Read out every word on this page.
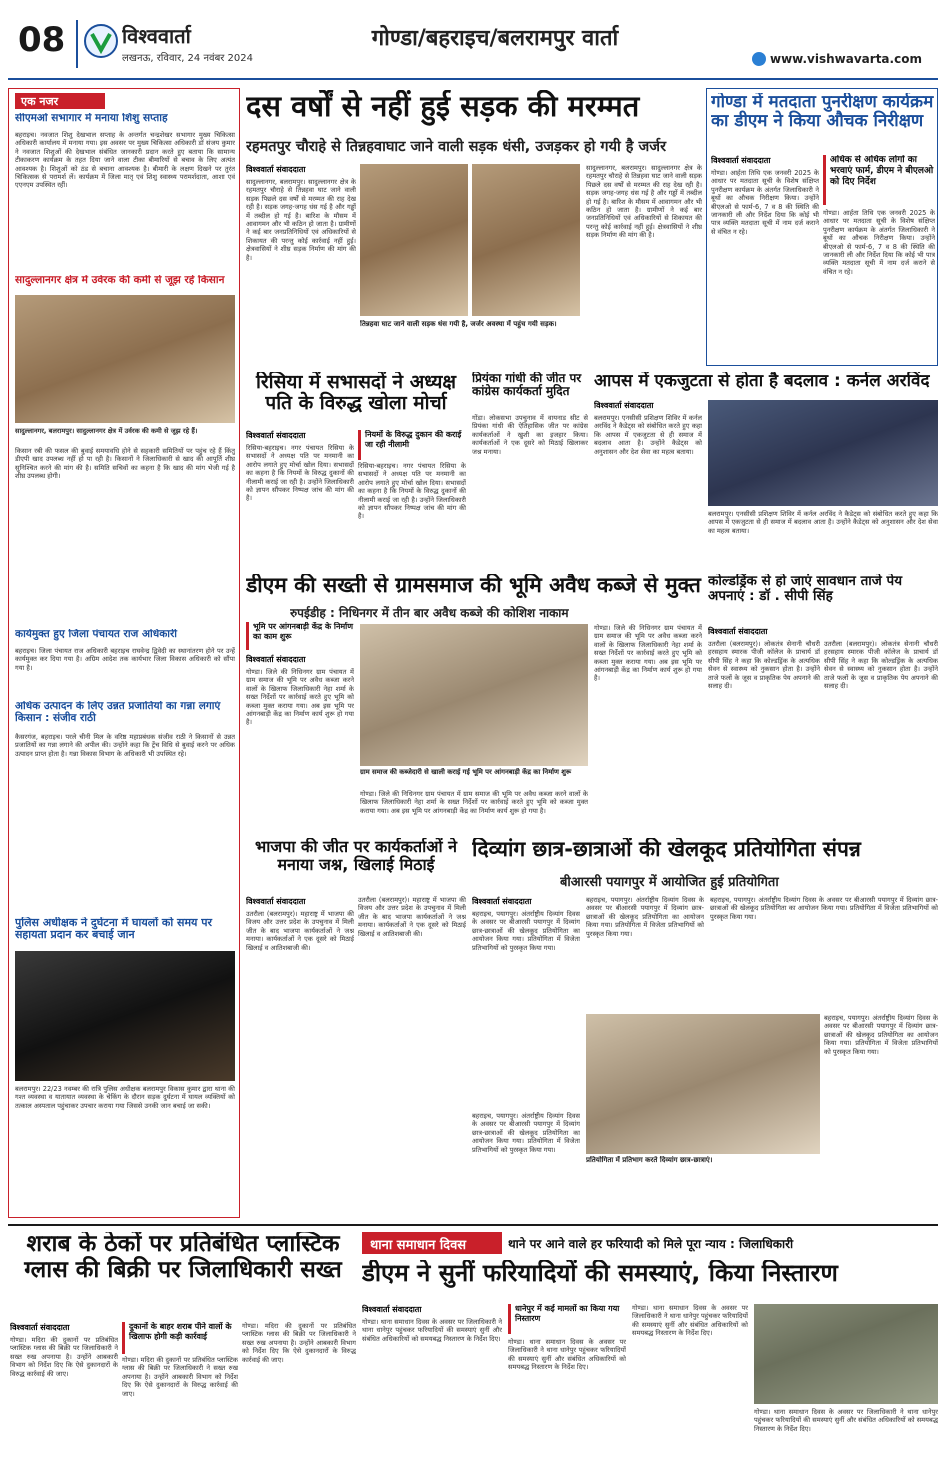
08	विश्ववार्ता
लखनऊ, रविवार, 24 नवंबर 2024
गोण्डा/बहराइच/बलरामपुर वार्ता
www.vishwavarta.com
एक नजर
सीएमओ सभागार में मनाया शिशु सप्ताह
बहराइच। नवजात शिशु देखभाल सप्ताह के अन्तर्गत चन्द्रशेखर सभागार मुख्य चिकित्सा अधिकारी कार्यालय में मनाया गया। इस अवसर पर मुख्य चिकित्सा अधिकारी डॉ संजय कुमार ने नवजात शिशुओं की देखभाल संबंधित जानकारी प्रदान करते हुए बताया कि सामान्य टीकाकरण कार्यक्रम के तहत दिया जाने वाला टीका बीमारियों से बचाव के लिए अत्यंत आवश्यक है। शिशुओं को ठंड से बचाना आवश्यक है। बीमारी के लक्षण दिखने पर तुरंत चिकित्सक से परामर्श लें। कार्यक्रम में जिला मातृ एवं शिशु स्वास्थ्य परामर्शदाता, आशा एवं एएनएम उपस्थित रहीं।
सादुल्लानगर क्षेत्र में उर्वरक की कमी से जूझ रहे किसान
सादुल्लानगर, बलरामपुर। सादुल्लानगर क्षेत्र में उर्वरक की कमी से जूझ रहे हैं।
किसान रबी की फसल की बुवाई समयावधि होने से सहकारी समितियों पर पहुंच रहे हैं किंतु डीएपी खाद उपलब्ध नहीं हो पा रही है। किसानों ने जिलाधिकारी से खाद की आपूर्ति शीघ्र सुनिश्चित करने की मांग की है। समिति सचिवों का कहना है कि खाद की मांग भेजी गई है शीघ्र उपलब्ध होगी।
कार्यमुक्त हुए जिला पंचायत राज अधिकारी
बहराइच। जिला पंचायत राज अधिकारी बहराइच राघवेन्द्र द्विवेदी का स्थानांतरण होने पर उन्हें कार्यमुक्त कर दिया गया है। अग्रिम आदेश तक कार्यभार जिला विकास अधिकारी को सौंपा गया है।
अधिक उत्पादन के लिए उन्नत प्रजातियों का गन्ना लगाएं किसान : संजीव राठी
कैसरगंज, बहराइच। परले चीनी मिल के वरिष्ठ महाप्रबंधक संजीव राठी ने किसानों से उन्नत प्रजातियों का गन्ना लगाने की अपील की। उन्होंने कहा कि ट्रेंच विधि से बुवाई करने पर अधिक उत्पादन प्राप्त होता है। गन्ना विकास विभाग के अधिकारी भी उपस्थित रहे।
पुलिस अधीक्षक ने दुर्घटना में घायलों को समय पर सहायता प्रदान कर बचाई जान
बलरामपुर। 22/23 नवम्बर की रात्रि पुलिस अधीक्षक बलरामपुर विकास कुमार द्वारा थाना की गश्त व्यवस्था व यातायात व्यवस्था के चेकिंग के दौरान सड़क दुर्घटना में घायल व्यक्तियों को तत्काल अस्पताल पहुंचाकर उपचार कराया गया जिससे उनकी जान बचाई जा सकी।
दस वर्षों से नहीं हुई सड़क की मरम्मत
रहमतपुर चौराहे से तिन्नहवाघाट जाने वाली सड़क धंसी, उजड़कर हो गयी है जर्जर
विश्ववार्ता संवाददाता
सादुल्लानगर, बलरामपुर। सादुल्लानगर क्षेत्र के रहमतपुर चौराहे से तिन्नहवा घाट जाने वाली सड़क पिछले दस वर्षों से मरम्मत की राह देख रही है। सड़क जगह-जगह धंस गई है और गड्ढों में तब्दील हो गई है। बारिश के मौसम में आवागमन और भी कठिन हो जाता है। ग्रामीणों ने कई बार जनप्रतिनिधियों एवं अधिकारियों से शिकायत की परन्तु कोई कार्रवाई नहीं हुई। क्षेत्रवासियों ने शीघ्र सड़क निर्माण की मांग की है।
सादुल्लानगर, बलरामपुर। सादुल्लानगर क्षेत्र के रहमतपुर चौराहे से तिन्नहवा घाट जाने वाली सड़क पिछले दस वर्षों से मरम्मत की राह देख रही है। सड़क जगह-जगह धंस गई है और गड्ढों में तब्दील हो गई है। बारिश के मौसम में आवागमन और भी कठिन हो जाता है। ग्रामीणों ने कई बार जनप्रतिनिधियों एवं अधिकारियों से शिकायत की परन्तु कोई कार्रवाई नहीं हुई। क्षेत्रवासियों ने शीघ्र सड़क निर्माण की मांग की है।
तिन्नहवा घाट जाने वाली सड़क धंस गयी है, जर्जर अवस्था में पहुंच गयी सड़क।
गोण्डा में मतदाता पुनरीक्षण कार्यक्रम का डीएम ने किया औचक निरीक्षण
विश्ववार्ता संवाददाता
गोण्डा। आर्हता तिथि एक जनवरी 2025 के आधार पर मतदाता सूची के विशेष संक्षिप्त पुनरीक्षण कार्यक्रम के अंतर्गत जिलाधिकारी ने बूथों का औचक निरीक्षण किया। उन्होंने बीएलओ से फार्म-6, 7 व 8 की स्थिति की जानकारी ली और निर्देश दिया कि कोई भी पात्र व्यक्ति मतदाता सूची में नाम दर्ज कराने से वंचित न रहे।
अधिक से अधिक लोगों का भरवाएं फार्म, डीएम ने बीएलओ को दिए निर्देश
गोण्डा। आर्हता तिथि एक जनवरी 2025 के आधार पर मतदाता सूची के विशेष संक्षिप्त पुनरीक्षण कार्यक्रम के अंतर्गत जिलाधिकारी ने बूथों का औचक निरीक्षण किया। उन्होंने बीएलओ से फार्म-6, 7 व 8 की स्थिति की जानकारी ली और निर्देश दिया कि कोई भी पात्र व्यक्ति मतदाता सूची में नाम दर्ज कराने से वंचित न रहे।
रिसिया में सभासदों ने अध्यक्ष पति के विरुद्ध खोला मोर्चा
विश्ववार्ता संवाददाता
रिसिया-बहराइच। नगर पंचायत रिसिया के सभासदों ने अध्यक्ष पति पर मनमानी का आरोप लगाते हुए मोर्चा खोल दिया। सभासदों का कहना है कि नियमों के विरुद्ध दुकानों की नीलामी कराई जा रही है। उन्होंने जिलाधिकारी को ज्ञापन सौंपकर निष्पक्ष जांच की मांग की है।
नियमों के विरुद्ध दुकान की कराई जा रही नीलामी
रिसिया-बहराइच। नगर पंचायत रिसिया के सभासदों ने अध्यक्ष पति पर मनमानी का आरोप लगाते हुए मोर्चा खोल दिया। सभासदों का कहना है कि नियमों के विरुद्ध दुकानों की नीलामी कराई जा रही है। उन्होंने जिलाधिकारी को ज्ञापन सौंपकर निष्पक्ष जांच की मांग की है।
प्रियंका गांधी की जीत पर कांग्रेस कार्यकर्ता मुदित
गोंडा। लोकसभा उपचुनाव में वायनाड सीट से प्रियंका गांधी की ऐतिहासिक जीत पर कांग्रेस कार्यकर्ताओं ने खुशी का इजहार किया। कार्यकर्ताओं ने एक दूसरे को मिठाई खिलाकर जश्न मनाया।
आपस में एकजुटता से होता है बदलाव : कर्नल अरविंद
विश्ववार्ता संवाददाता
बलरामपुर। एनसीसी प्रशिक्षण शिविर में कर्नल अरविंद ने कैडेट्स को संबोधित करते हुए कहा कि आपस में एकजुटता से ही समाज में बदलाव आता है। उन्होंने कैडेट्स को अनुशासन और देश सेवा का महत्व बताया।
बलरामपुर। एनसीसी प्रशिक्षण शिविर में कर्नल अरविंद ने कैडेट्स को संबोधित करते हुए कहा कि आपस में एकजुटता से ही समाज में बदलाव आता है। उन्होंने कैडेट्स को अनुशासन और देश सेवा का महत्व बताया।
डीएम की सख्ती से ग्रामसमाज की भूमि अवैध कब्जे से मुक्त
रुपईडीह : निधिनगर में तीन बार अवैध कब्जे की कोशिश नाकाम
भूमि पर आंगनबाड़ी केंद्र के निर्माण का काम शुरू
विश्ववार्ता संवाददाता
गोण्डा। जिले की निधिनगर ग्राम पंचायत में ग्राम समाज की भूमि पर अवैध कब्जा करने वालों के खिलाफ जिलाधिकारी नेहा शर्मा के सख्त निर्देशों पर कार्रवाई करते हुए भूमि को कब्जा मुक्त कराया गया। अब इस भूमि पर आंगनबाड़ी केंद्र का निर्माण कार्य शुरू हो गया है।
ग्राम समाज की कब्जेदारी से खाली कराई गई भूमि पर आंगनबाड़ी केंद्र का निर्माण शुरू
गोण्डा। जिले की निधिनगर ग्राम पंचायत में ग्राम समाज की भूमि पर अवैध कब्जा करने वालों के खिलाफ जिलाधिकारी नेहा शर्मा के सख्त निर्देशों पर कार्रवाई करते हुए भूमि को कब्जा मुक्त कराया गया। अब इस भूमि पर आंगनबाड़ी केंद्र का निर्माण कार्य शुरू हो गया है।
गोण्डा। जिले की निधिनगर ग्राम पंचायत में ग्राम समाज की भूमि पर अवैध कब्जा करने वालों के खिलाफ जिलाधिकारी नेहा शर्मा के सख्त निर्देशों पर कार्रवाई करते हुए भूमि को कब्जा मुक्त कराया गया। अब इस भूमि पर आंगनबाड़ी केंद्र का निर्माण कार्य शुरू हो गया है।
कोल्डड्रिंक से हो जाएं सावधान ताजे पेय अपनाएं : डॉ . सीपी सिंह
विश्ववार्ता संवाददाता
उतरौला (बलरामपुर)। लोकतंत्र सेनानी चौधरी हरसहाय स्मारक पीजी कॉलेज के प्राचार्य डॉ सीपी सिंह ने कहा कि कोल्डड्रिंक के अत्यधिक सेवन से स्वास्थ्य को नुकसान होता है। उन्होंने ताजे फलों के जूस व प्राकृतिक पेय अपनाने की सलाह दी।
उतरौला (बलरामपुर)। लोकतंत्र सेनानी चौधरी हरसहाय स्मारक पीजी कॉलेज के प्राचार्य डॉ सीपी सिंह ने कहा कि कोल्डड्रिंक के अत्यधिक सेवन से स्वास्थ्य को नुकसान होता है। उन्होंने ताजे फलों के जूस व प्राकृतिक पेय अपनाने की सलाह दी।
भाजपा की जीत पर कार्यकर्ताओं ने मनाया जश्न, खिलाई मिठाई
विश्ववार्ता संवाददाता
उतरौला (बलरामपुर)। महाराष्ट्र में भाजपा की विजय और उत्तर प्रदेश के उपचुनाव में मिली जीत के बाद भाजपा कार्यकर्ताओं ने जश्न मनाया। कार्यकर्ताओं ने एक दूसरे को मिठाई खिलाई व आतिशबाजी की।
उतरौला (बलरामपुर)। महाराष्ट्र में भाजपा की विजय और उत्तर प्रदेश के उपचुनाव में मिली जीत के बाद भाजपा कार्यकर्ताओं ने जश्न मनाया। कार्यकर्ताओं ने एक दूसरे को मिठाई खिलाई व आतिशबाजी की।
दिव्यांग छात्र-छात्राओं की खेलकूद प्रतियोगिता संपन्न
बीआरसी पयागपुर में आयोजित हुई प्रतियोगिता
विश्ववार्ता संवाददाता
बहराइच, पयागपुर। अंतर्राष्ट्रीय दिव्यांग दिवस के अवसर पर बीआरसी पयागपुर में दिव्यांग छात्र-छात्राओं की खेलकूद प्रतियोगिता का आयोजन किया गया। प्रतियोगिता में विजेता प्रतिभागियों को पुरस्कृत किया गया।
बहराइच, पयागपुर। अंतर्राष्ट्रीय दिव्यांग दिवस के अवसर पर बीआरसी पयागपुर में दिव्यांग छात्र-छात्राओं की खेलकूद प्रतियोगिता का आयोजन किया गया। प्रतियोगिता में विजेता प्रतिभागियों को पुरस्कृत किया गया।
प्रतियोगिता में प्रतिभाग करते दिव्यांग छात्र-छात्राएं।
बहराइच, पयागपुर। अंतर्राष्ट्रीय दिव्यांग दिवस के अवसर पर बीआरसी पयागपुर में दिव्यांग छात्र-छात्राओं की खेलकूद प्रतियोगिता का आयोजन किया गया। प्रतियोगिता में विजेता प्रतिभागियों को पुरस्कृत किया गया।
बहराइच, पयागपुर। अंतर्राष्ट्रीय दिव्यांग दिवस के अवसर पर बीआरसी पयागपुर में दिव्यांग छात्र-छात्राओं की खेलकूद प्रतियोगिता का आयोजन किया गया। प्रतियोगिता में विजेता प्रतिभागियों को पुरस्कृत किया गया।
बहराइच, पयागपुर। अंतर्राष्ट्रीय दिव्यांग दिवस के अवसर पर बीआरसी पयागपुर में दिव्यांग छात्र-छात्राओं की खेलकूद प्रतियोगिता का आयोजन किया गया। प्रतियोगिता में विजेता प्रतिभागियों को पुरस्कृत किया गया।
शराब के ठेकों पर प्रतिबंधित प्लास्टिक ग्लास की बिक्री पर जिलाधिकारी सख्त
विश्ववार्ता संवाददाता
गोण्डा। मदिरा की दुकानों पर प्रतिबंधित प्लास्टिक ग्लास की बिक्री पर जिलाधिकारी ने सख्त रुख अपनाया है। उन्होंने आबकारी विभाग को निर्देश दिए कि ऐसे दुकानदारों के विरुद्ध कार्रवाई की जाए।
दुकानों के बाहर शराब पीने वालों के खिलाफ होगी कड़ी कार्रवाई
गोण्डा। मदिरा की दुकानों पर प्रतिबंधित प्लास्टिक ग्लास की बिक्री पर जिलाधिकारी ने सख्त रुख अपनाया है। उन्होंने आबकारी विभाग को निर्देश दिए कि ऐसे दुकानदारों के विरुद्ध कार्रवाई की जाए।
गोण्डा। मदिरा की दुकानों पर प्रतिबंधित प्लास्टिक ग्लास की बिक्री पर जिलाधिकारी ने सख्त रुख अपनाया है। उन्होंने आबकारी विभाग को निर्देश दिए कि ऐसे दुकानदारों के विरुद्ध कार्रवाई की जाए।
थाना समाधान दिवस	थाने पर आने वाले हर फरियादी को मिले पूरा न्याय : जिलाधिकारी
डीएम ने सुनीं फरियादियों की समस्याएं, किया निस्तारण
विश्ववार्ता संवाददाता
गोण्डा। थाना समाधान दिवस के अवसर पर जिलाधिकारी ने थाना धानेपुर पहुंचकर फरियादियों की समस्याएं सुनीं और संबंधित अधिकारियों को समयबद्ध निस्तारण के निर्देश दिए।
धानेपुर में कई मामलों का किया गया निस्तारण
गोण्डा। थाना समाधान दिवस के अवसर पर जिलाधिकारी ने थाना धानेपुर पहुंचकर फरियादियों की समस्याएं सुनीं और संबंधित अधिकारियों को समयबद्ध निस्तारण के निर्देश दिए।
गोण्डा। थाना समाधान दिवस के अवसर पर जिलाधिकारी ने थाना धानेपुर पहुंचकर फरियादियों की समस्याएं सुनीं और संबंधित अधिकारियों को समयबद्ध निस्तारण के निर्देश दिए।
गोण्डा। थाना समाधान दिवस के अवसर पर जिलाधिकारी ने थाना धानेपुर पहुंचकर फरियादियों की समस्याएं सुनीं और संबंधित अधिकारियों को समयबद्ध निस्तारण के निर्देश दिए।
